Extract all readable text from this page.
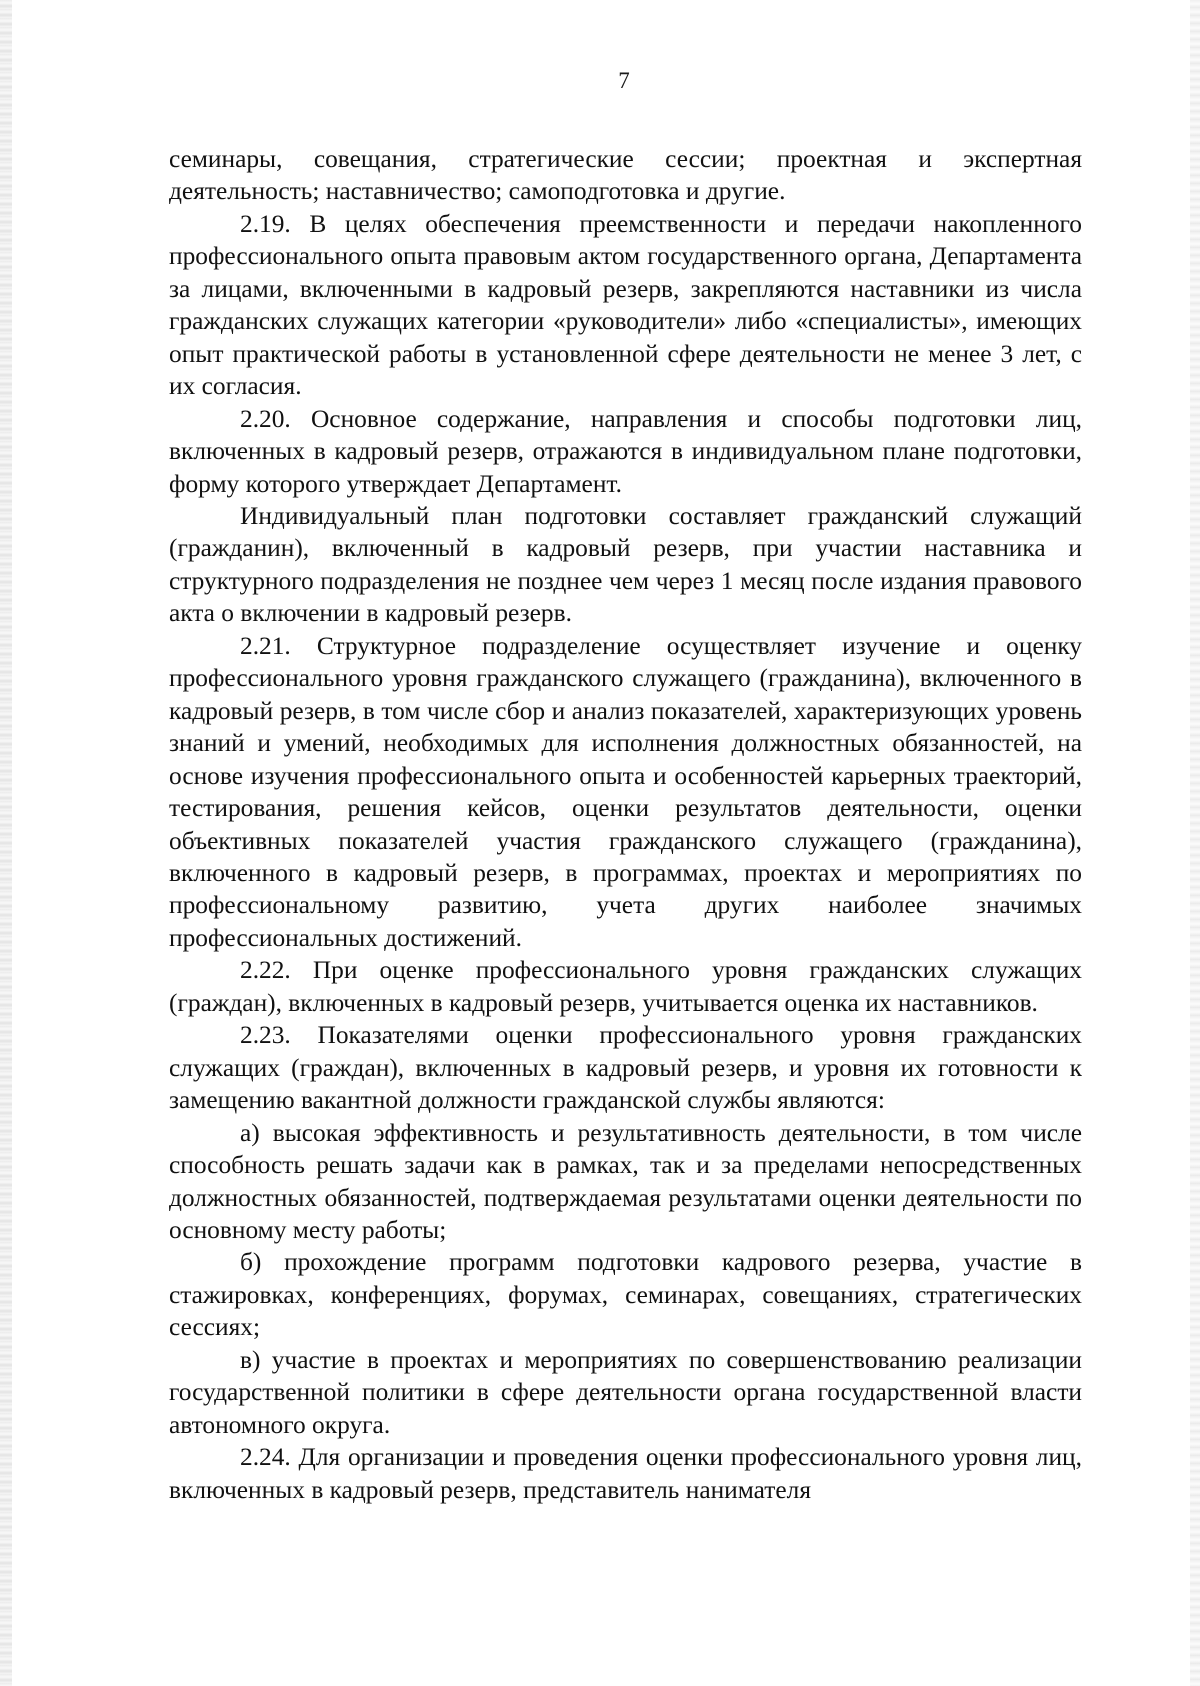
7

семинары, совещания, стратегические сессии; проектная и экспертная деятельность; наставничество; самоподготовка и другие.

2.19. В целях обеспечения преемственности и передачи накопленного профессионального опыта правовым актом государственного органа, Департамента за лицами, включенными в кадровый резерв, закрепляются наставники из числа гражданских служащих категории «руководители» либо «специалисты», имеющих опыт практической работы в установленной сфере деятельности не менее 3 лет, с их согласия.

2.20. Основное содержание, направления и способы подготовки лиц, включенных в кадровый резерв, отражаются в индивидуальном плане подготовки, форму которого утверждает Департамент.

Индивидуальный план подготовки составляет гражданский служащий (гражданин), включенный в кадровый резерв, при участии наставника и структурного подразделения не позднее чем через 1 месяц после издания правового акта о включении в кадровый резерв.

2.21. Структурное подразделение осуществляет изучение и оценку профессионального уровня гражданского служащего (гражданина), включенного в кадровый резерв, в том числе сбор и анализ показателей, характеризующих уровень знаний и умений, необходимых для исполнения должностных обязанностей, на основе изучения профессионального опыта и особенностей карьерных траекторий, тестирования, решения кейсов, оценки результатов деятельности, оценки объективных показателей участия гражданского служащего (гражданина), включенного в кадровый резерв, в программах, проектах и мероприятиях по профессиональному развитию, учета других наиболее значимых профессиональных достижений.

2.22. При оценке профессионального уровня гражданских служащих (граждан), включенных в кадровый резерв, учитывается оценка их наставников.

2.23. Показателями оценки профессионального уровня гражданских служащих (граждан), включенных в кадровый резерв, и уровня их готовности к замещению вакантной должности гражданской службы являются:

а) высокая эффективность и результативность деятельности, в том числе способность решать задачи как в рамках, так и за пределами непосредственных должностных обязанностей, подтверждаемая результатами оценки деятельности по основному месту работы;

б) прохождение программ подготовки кадрового резерва, участие в стажировках, конференциях, форумах, семинарах, совещаниях, стратегических сессиях;

в) участие в проектах и мероприятиях по совершенствованию реализации государственной политики в сфере деятельности органа государственной власти автономного округа.

2.24. Для организации и проведения оценки профессионального уровня лиц, включенных в кадровый резерв, представитель нанимателя
